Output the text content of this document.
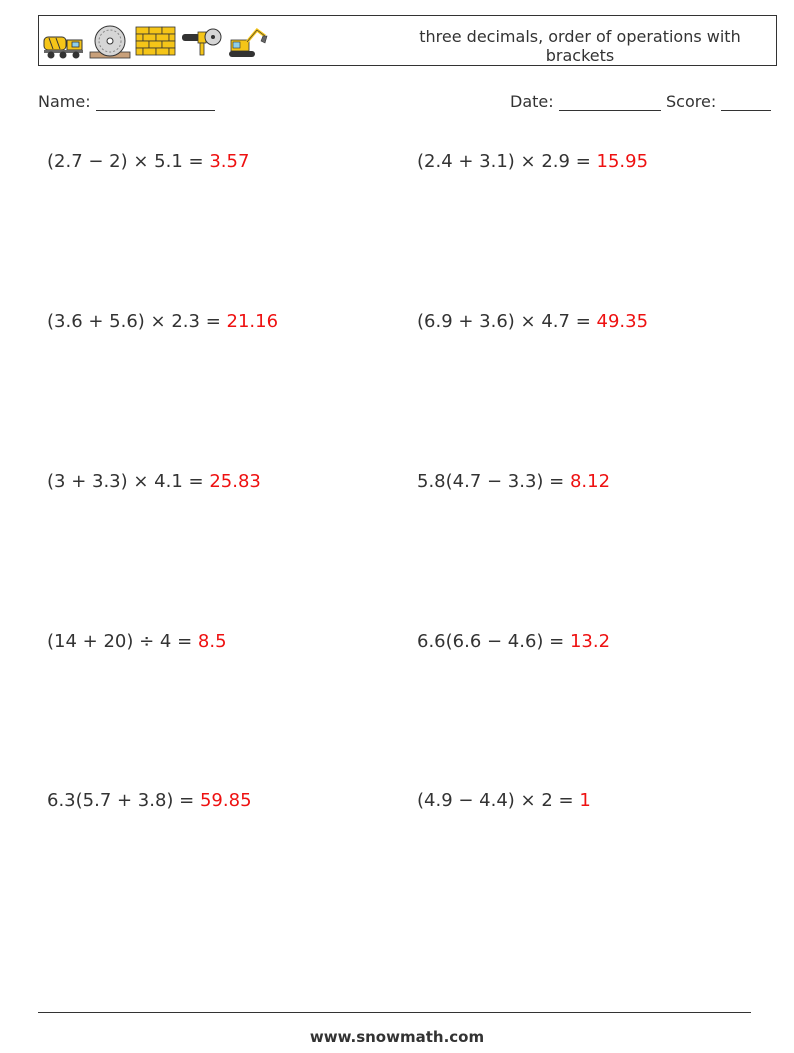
three decimals, order of operations with brackets
Name:	Date:	Score:
(2.7 − 2) × 5.1 = 3.57	(2.4 + 3.1) × 2.9 = 15.95
(3.6 + 5.6) × 2.3 = 21.16	(6.9 + 3.6) × 4.7 = 49.35
(3 + 3.3) × 4.1 = 25.83	5.8(4.7 − 3.3) = 8.12
(14 + 20) ÷ 4 = 8.5	6.6(6.6 − 4.6) = 13.2
6.3(5.7 + 3.8) = 59.85	(4.9 − 4.4) × 2 = 1
www.snowmath.com
